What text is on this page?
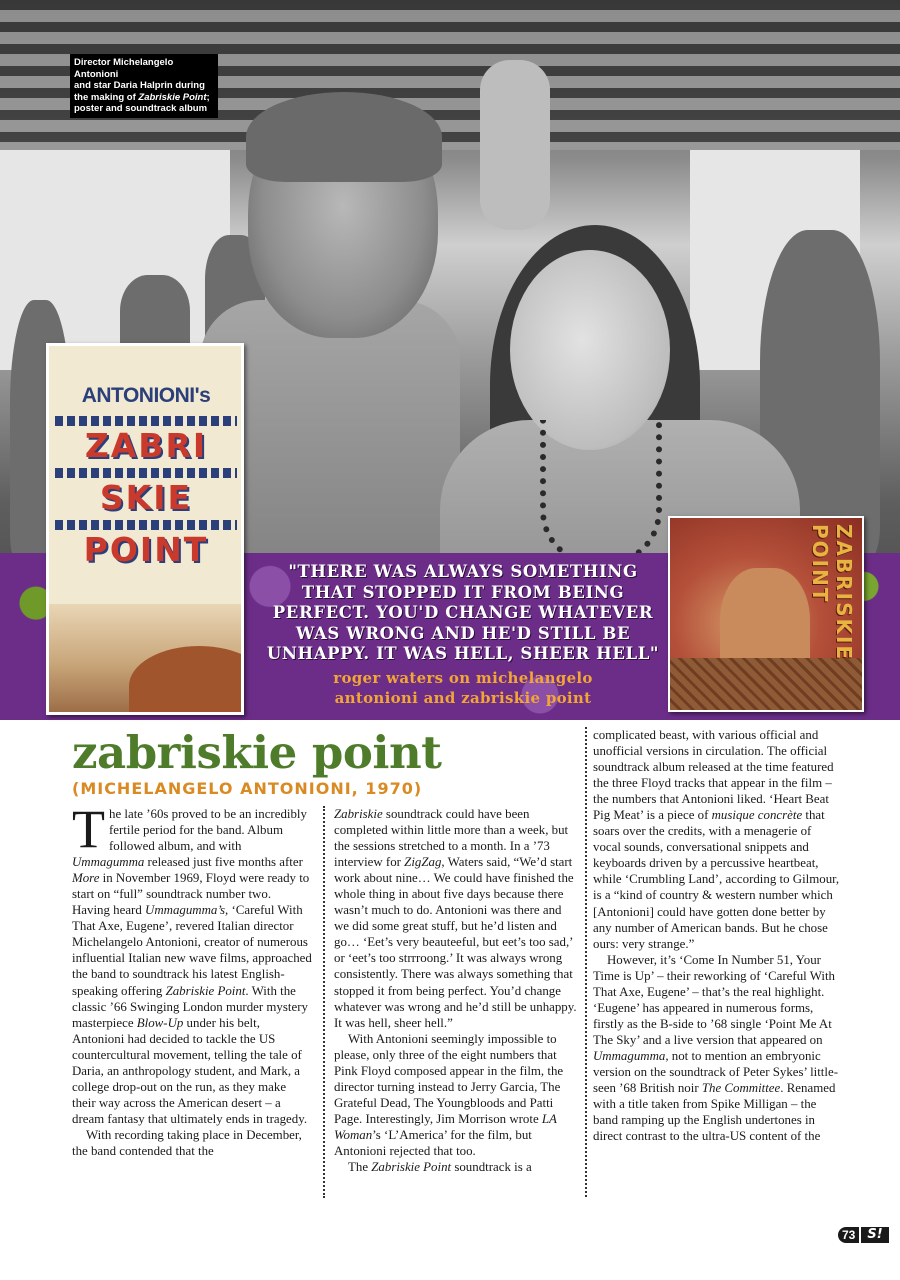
Director Michelangelo Antonioni
and star Daria Halprin during
the making of Zabriskie Point;
poster and soundtrack album
"THERE WAS ALWAYS SOMETHING
THAT STOPPED IT FROM BEING
PERFECT. YOU'D CHANGE WHATEVER
WAS WRONG AND HE'D STILL BE
UNHAPPY. IT WAS HELL, SHEER HELL"
roger waters on michelangelo
antonioni and zabriskie point
ANTONIONI's
ZABRI
SKIE
POINT	ZABRISKIE POINT
zabriskie point
(MICHELANGELO ANTONIONI, 1970)

The late ’60s proved to be an incredibly fertile period for the band. Album followed album, and with Ummagumma released just five months after More in November 1969, Floyd were ready to start on “full” soundtrack number two. Having heard Ummagumma’s, ‘Careful With That Axe, Eugene’, revered Italian director Michelangelo Antonioni, creator of numerous influential Italian new wave films, approached the band to soundtrack his latest English-speaking offering Zabriskie Point. With the classic ’66 Swinging London murder mystery masterpiece Blow-Up under his belt, Antonioni had decided to tackle the US countercultural movement, telling the tale of Daria, an anthropology student, and Mark, a college drop-out on the run, as they make their way across the American desert – a dream fantasy that ultimately ends in tragedy.

With recording taking place in December, the band contended that the

Zabriskie soundtrack could have been completed within little more than a week, but the sessions stretched to a month. In a ’73 interview for ZigZag, Waters said, “We’d start work about nine… We could have finished the whole thing in about five days because there wasn’t much to do. Antonioni was there and we did some great stuff, but he’d listen and go… ‘Eet’s very beauteeful, but eet’s too sad,’ or ‘eet’s too strrroong.’ It was always wrong consistently. There was always something that stopped it from being perfect. You’d change whatever was wrong and he’d still be unhappy. It was hell, sheer hell.”

With Antonioni seemingly impossible to please, only three of the eight numbers that Pink Floyd composed appear in the film, the director turning instead to Jerry Garcia, The Grateful Dead, The Youngbloods and Patti Page. Interestingly, Jim Morrison wrote LA Woman’s ‘L’America’ for the film, but Antonioni rejected that too.

The Zabriskie Point soundtrack is a

complicated beast, with various official and unofficial versions in circulation. The official soundtrack album released at the time featured the three Floyd tracks that appear in the film – the numbers that Antonioni liked. ‘Heart Beat Pig Meat’ is a piece of musique concrète that soars over the credits, with a menagerie of vocal sounds, conversational snippets and keyboards driven by a percussive heartbeat, while ‘Crumbling Land’, according to Gilmour, is a “kind of country & western number which [Antonioni] could have gotten done better by any number of American bands. But he chose ours: very strange.”

However, it’s ‘Come In Number 51, Your Time is Up’ – their reworking of ‘Careful With That Axe, Eugene’ – that’s the real highlight. ‘Eugene’ has appeared in numerous forms, firstly as the B-side to ’68 single ‘Point Me At The Sky’ and a live version that appeared on Ummagumma, not to mention an embryonic version on the soundtrack of Peter Sykes’ little-seen ’68 British noir The Committee. Renamed with a title taken from Spike Milligan – the band ramping up the English undertones in direct contrast to the ultra-US content of the

73 S!
